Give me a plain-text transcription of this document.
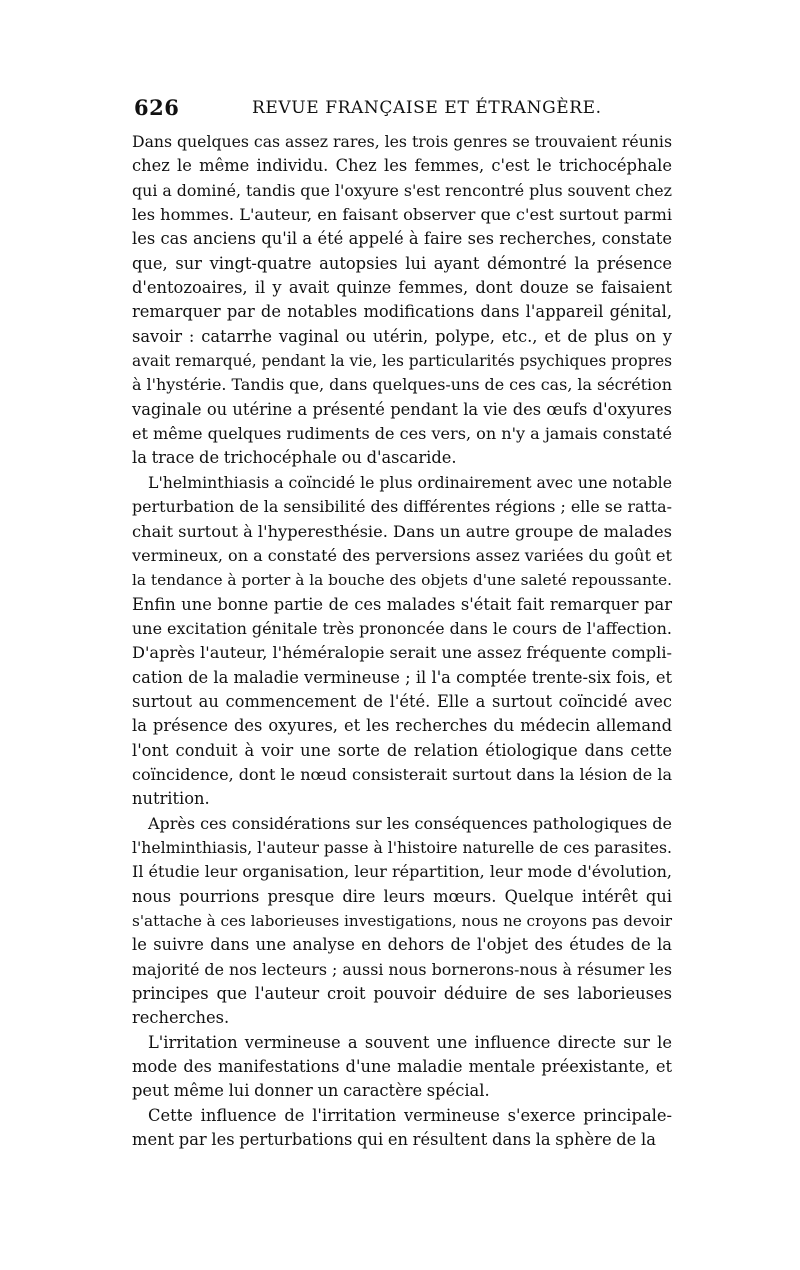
626	REVUE FRANÇAISE ET ÉTRANGÈRE.
Dans quelques cas assez rares, les trois genres se trouvaient réunis
chez le même individu. Chez les femmes, c'est le trichocéphale
qui a dominé, tandis que l'oxyure s'est rencontré plus souvent chez
les hommes. L'auteur, en faisant observer que c'est surtout parmi
les cas anciens qu'il a été appelé à faire ses recherches, constate
que, sur vingt-quatre autopsies lui ayant démontré la présence
d'entozoaires, il y avait quinze femmes, dont douze se faisaient
remarquer par de notables modifications dans l'appareil génital,
savoir : catarrhe vaginal ou utérin, polype, etc., et de plus on y
avait remarqué, pendant la vie, les particularités psychiques propres
à l'hystérie. Tandis que, dans quelques-uns de ces cas, la sécrétion
vaginale ou utérine a présenté pendant la vie des œufs d'oxyures
et même quelques rudiments de ces vers, on n'y a jamais constaté
la trace de trichocéphale ou d'ascaride.
L'helminthiasis a coïncidé le plus ordinairement avec une notable
perturbation de la sensibilité des différentes régions ; elle se ratta-
chait surtout à l'hyperesthésie. Dans un autre groupe de malades
vermineux, on a constaté des perversions assez variées du goût et
la tendance à porter à la bouche des objets d'une saleté repoussante.
Enfin une bonne partie de ces malades s'était fait remarquer par
une excitation génitale très prononcée dans le cours de l'affection.
D'après l'auteur, l'héméralopie serait une assez fréquente compli-
cation de la maladie vermineuse ; il l'a comptée trente-six fois, et
surtout au commencement de l'été. Elle a surtout coïncidé avec
la présence des oxyures, et les recherches du médecin allemand
l'ont conduit à voir une sorte de relation étiologique dans cette
coïncidence, dont le nœud consisterait surtout dans la lésion de la
nutrition.
Après ces considérations sur les conséquences pathologiques de
l'helminthiasis, l'auteur passe à l'histoire naturelle de ces parasites.
Il étudie leur organisation, leur répartition, leur mode d'évolution,
nous pourrions presque dire leurs mœurs. Quelque intérêt qui
s'attache à ces laborieuses investigations, nous ne croyons pas devoir
le suivre dans une analyse en dehors de l'objet des études de la
majorité de nos lecteurs ; aussi nous bornerons-nous à résumer les
principes que l'auteur croit pouvoir déduire de ses laborieuses
recherches.
L'irritation vermineuse a souvent une influence directe sur le
mode des manifestations d'une maladie mentale préexistante, et
peut même lui donner un caractère spécial.
Cette influence de l'irritation vermineuse s'exerce principale-
ment par les perturbations qui en résultent dans la sphère de la
